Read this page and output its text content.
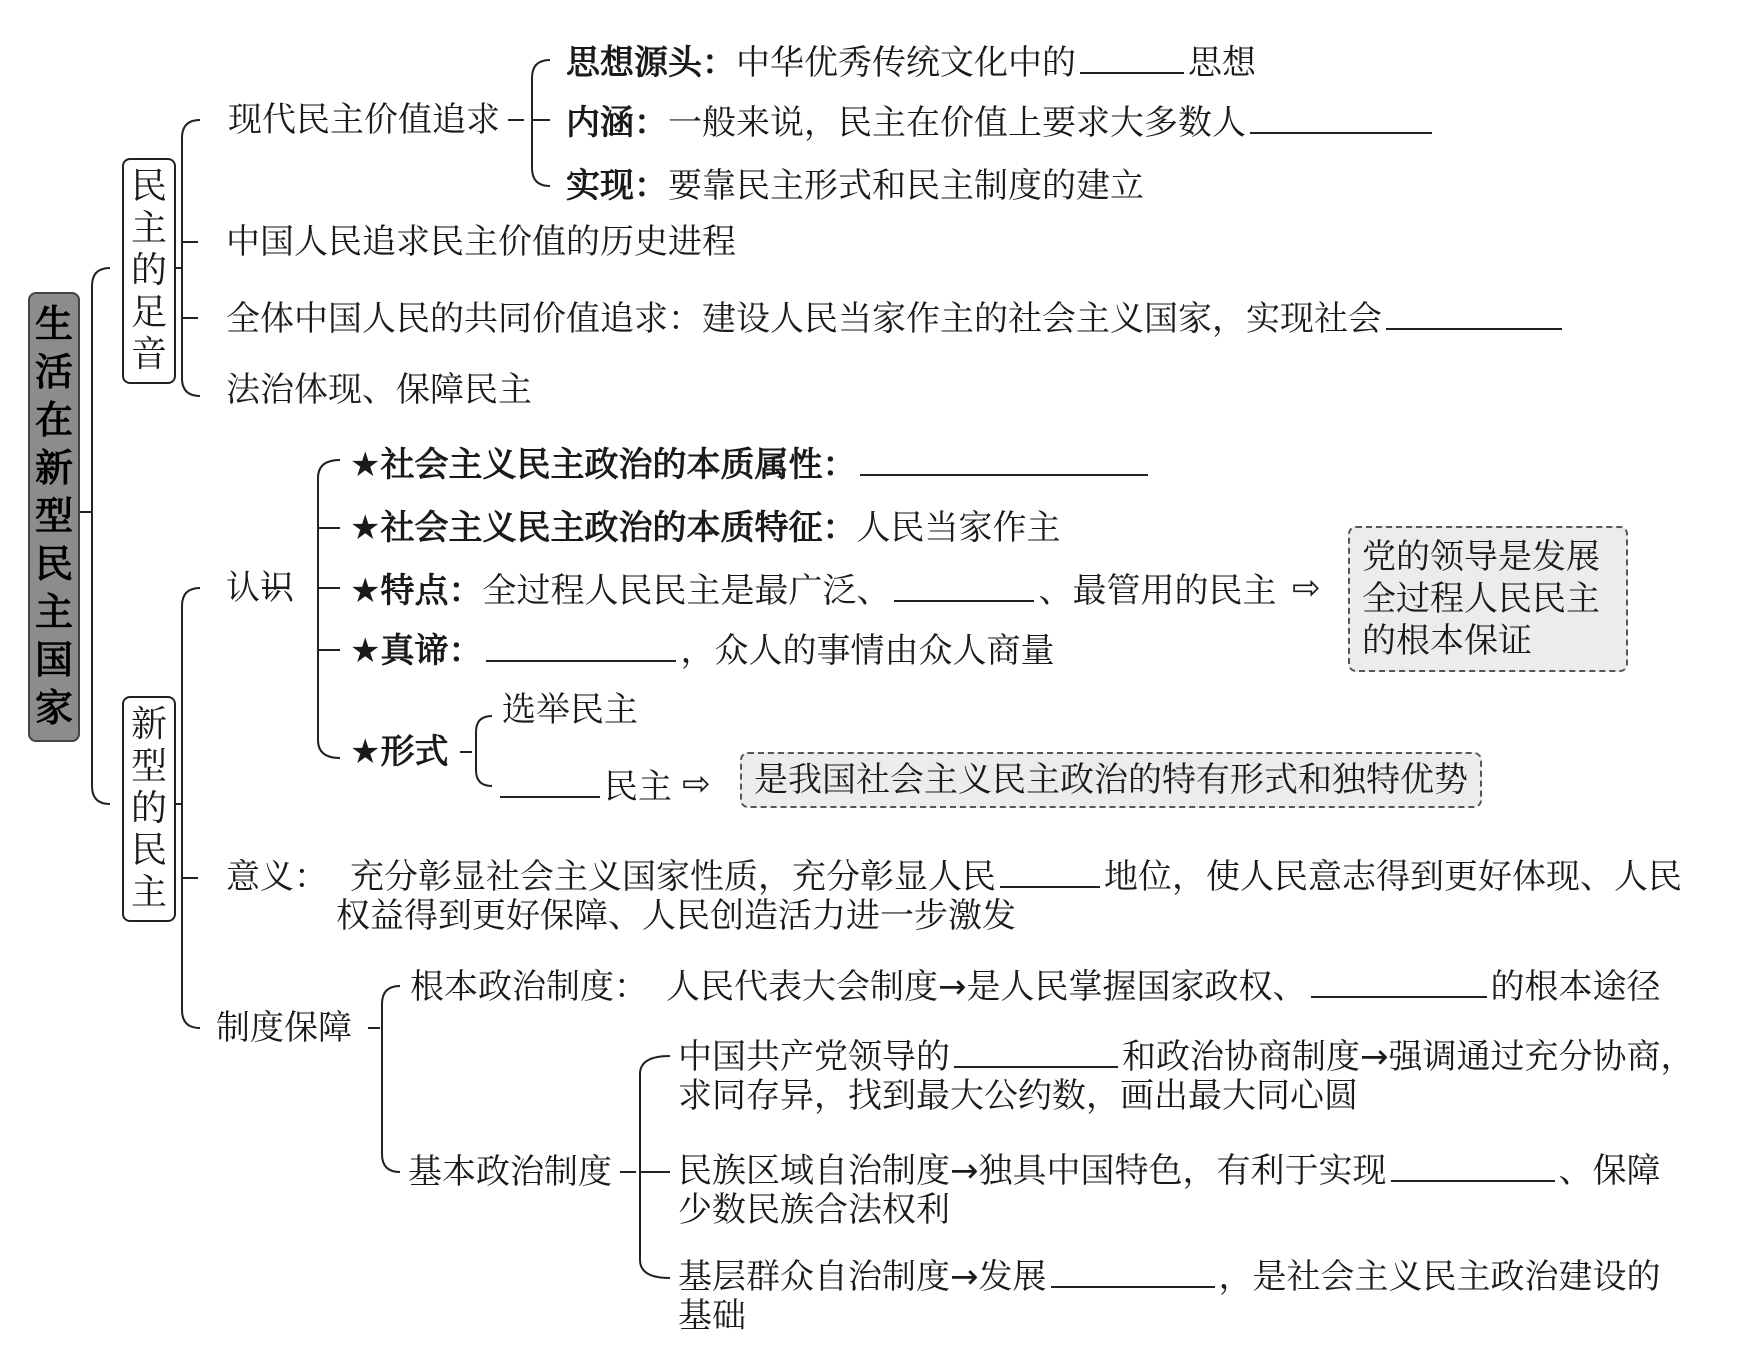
生活在新型民主国家
民主的足音
现代民主价值追求
思想源头：中华优秀传统文化中的	思想
内涵：一般来说，民主在价值上要求大多数人
实现：要靠民主形式和民主制度的建立
中国人民追求民主价值的历史进程
全体中国人民的共同价值追求：建设人民当家作主的社会主义国家，实现社会
法治体现、保障民主
新型的民主
认识
★社会主义民主政治的本质属性：
★社会主义民主政治的本质特征：人民当家作主
★特点：全过程人民民主是最广泛、	、最管用的民主 ⇨
党的领导是发展全过程人民民主的根本保证
★真谛：	，众人的事情由众人商量
★形式
选举民主
民主 ⇨	是我国社会主义民主政治的特有形式和独特优势
意义： 充分彰显社会主义国家性质，充分彰显人民	地位，使人民意志得到更好体现、人民
权益得到更好保障、人民创造活力进一步激发
制度保障
根本政治制度： 人民代表大会制度→是人民掌握国家政权、	的根本途径
基本政治制度
中国共产党领导的	和政治协商制度→强调通过充分协商，
求同存异，找到最大公约数，画出最大同心圆
民族区域自治制度→独具中国特色，有利于实现	、保障
少数民族合法权利
基层群众自治制度→发展	，是社会主义民主政治建设的
基础
